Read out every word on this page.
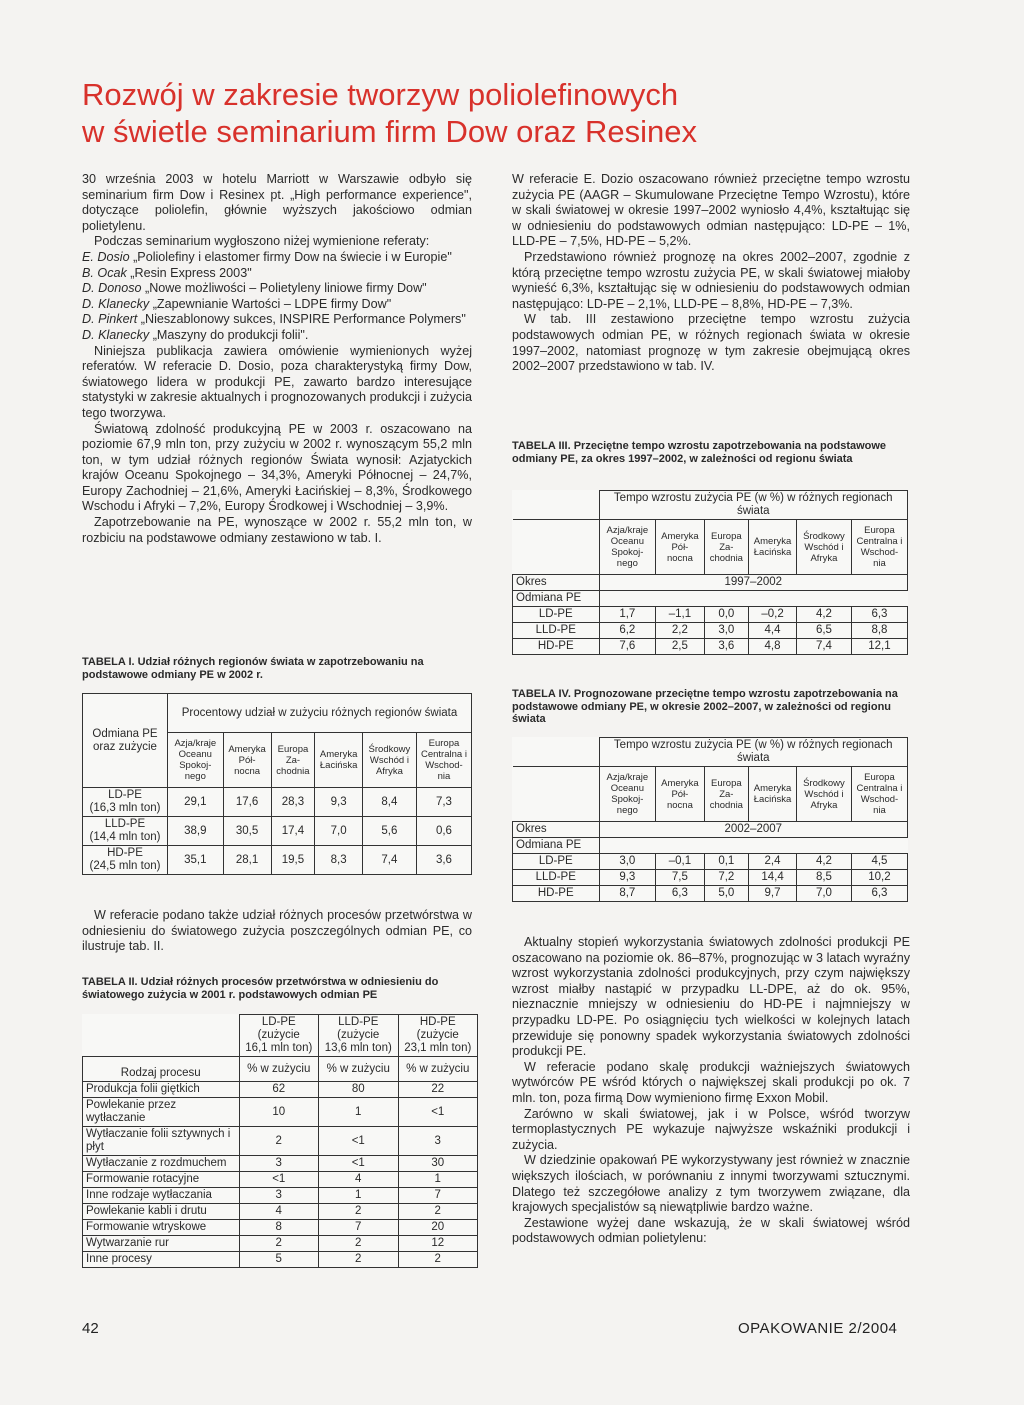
Rozwój w zakresie tworzyw poliolefinowych
w świetle seminarium firm Dow oraz Resinex

30 września 2003 w hotelu Marriott w Warszawie odbyło się seminarium firm Dow i Resinex pt. „High performance experience", dotyczące poliolefin, głównie wyższych jakościowo odmian polietylenu.

Podczas seminarium wygłoszono niżej wymienione referaty:

E. Dosio „Poliolefiny i elastomer firmy Dow na świecie i w Europie"
B. Ocak „Resin Express 2003"
D. Donoso „Nowe możliwości – Polietyleny liniowe firmy Dow"
D. Klanecky „Zapewnianie Wartości – LDPE firmy Dow"
D. Pinkert „Nieszablonowy sukces, INSPIRE Performance Polymers"
D. Klanecky „Maszyny do produkcji folii".

Niniejsza publikacja zawiera omówienie wymienionych wyżej referatów. W referacie D. Dosio, poza charakterystyką firmy Dow, światowego lidera w produkcji PE, zawarto bardzo interesujące statystyki w zakresie aktualnych i prognozowanych produkcji i zużycia tego tworzywa.

Światową zdolność produkcyjną PE w 2003 r. oszacowano na poziomie 67,9 mln ton, przy zużyciu w 2002 r. wynoszącym 55,2 mln ton, w tym udział różnych regionów Świata wynosił: Azjatyckich krajów Oceanu Spokojnego – 34,3%, Ameryki Północnej – 24,7%, Europy Zachodniej – 21,6%, Ameryki Łacińskiej – 8,3%, Środkowego Wschodu i Afryki – 7,2%, Europy Środkowej i Wschodniej – 3,9%.

Zapotrzebowanie na PE, wynoszące w 2002 r. 55,2 mln ton, w rozbiciu na podstawowe odmiany zestawiono w tab. I.

TABELA I. Udział różnych regionów świata w zapotrzebowaniu na podstawowe odmiany PE w 2002 r.
Odmiana PE oraz zużycie	Procentowy udział w zużyciu różnych regionów świata					
	Azja/kraje Oceanu Spokoj-nego	Ameryka Pół-nocna	Europa Za-chodnia	Ameryka Łacińska	Środkowy Wschód i Afryka	Europa Centralna i Wschod-nia
LD-PE
(16,3 mln ton)	29,1	17,6	28,3	9,3	8,4	7,3
LLD-PE
(14,4 mln ton)	38,9	30,5	17,4	7,0	5,6	0,6
HD-PE
(24,5 mln ton)	35,1	28,1	19,5	8,3	7,4	3,6

W referacie podano także udział różnych procesów przetwórstwa w odniesieniu do światowego zużycia poszczególnych odmian PE, co ilustruje tab. II.

TABELA II. Udział różnych procesów przetwórstwa w odniesieniu do światowego zużycia w 2001 r. podstawowych odmian PE
	LD-PE
(zużycie
16,1 mln ton)	LLD-PE
(zużycie
13,6 mln ton)	HD-PE
(zużycie
23,1 mln ton)
Rodzaj procesu	% w zużyciu	% w zużyciu	% w zużyciu
Produkcja folii giętkich	62	80	22
Powlekanie przez wytłaczanie	10	1	<1
Wytłaczanie folii sztywnych i płyt	2	<1	3
Wytłaczanie z rozdmuchem	3	<1	30
Formowanie rotacyjne	<1	4	1
Inne rodzaje wytłaczania	3	1	7
Powlekanie kabli i drutu	4	2	2
Formowanie wtryskowe	8	7	20
Wytwarzanie rur	2	2	12
Inne procesy	5	2	2

W referacie E. Dozio oszacowano również przeciętne tempo wzrostu zużycia PE (AAGR – Skumulowane Przeciętne Tempo Wzrostu), które w skali światowej w okresie 1997–2002 wyniosło 4,4%, kształtując się w odniesieniu do podstawowych odmian następująco: LD-PE – 1%, LLD-PE – 7,5%, HD-PE – 5,2%.

Przedstawiono również prognozę na okres 2002–2007, zgodnie z którą przeciętne tempo wzrostu zużycia PE, w skali światowej miałoby wynieść 6,3%, kształtując się w odniesieniu do podstawowych odmian następująco: LD-PE – 2,1%, LLD-PE – 8,8%, HD-PE – 7,3%.

W tab. III zestawiono przeciętne tempo wzrostu zużycia podstawowych odmian PE, w różnych regionach świata w okresie 1997–2002, natomiast prognozę w tym zakresie obejmującą okres 2002–2007 przedstawiono w tab. IV.

TABELA III. Przeciętne tempo wzrostu zapotrzebowania na podstawowe odmiany PE, za okres 1997–2002, w zależności od regionu świata
	Tempo wzrostu zużycia PE (w %) w różnych regionach świata					
	Azja/kraje Oceanu Spokoj-nego	Ameryka Pół-nocna	Europa Za-chodnia	Ameryka Łacińska	Środkowy Wschód i Afryka	Europa Centralna i Wschod-nia
Okres	1997–2002					
Odmiana PE						
LD-PE	1,7	–1,1	0,0	–0,2	4,2	6,3
LLD-PE	6,2	2,2	3,0	4,4	6,5	8,8
HD-PE	7,6	2,5	3,6	4,8	7,4	12,1
TABELA IV. Prognozowane przeciętne tempo wzrostu zapotrzebowania na podstawowe odmiany PE, w okresie 2002–2007, w zależności od regionu świata
	Tempo wzrostu zużycia PE (w %) w różnych regionach świata					
	Azja/kraje Oceanu Spokoj-nego	Ameryka Pół-nocna	Europa Za-chodnia	Ameryka Łacińska	Środkowy Wschód i Afryka	Europa Centralna i Wschod-nia
Okres	2002–2007					
Odmiana PE						
LD-PE	3,0	–0,1	0,1	2,4	4,2	4,5
LLD-PE	9,3	7,5	7,2	14,4	8,5	10,2
HD-PE	8,7	6,3	5,0	9,7	7,0	6,3

Aktualny stopień wykorzystania światowych zdolności produkcji PE oszacowano na poziomie ok. 86–87%, prognozując w 3 latach wyraźny wzrost wykorzystania zdolności produkcyjnych, przy czym największy wzrost miałby nastąpić w przypadku LL-DPE, aż do ok. 95%, nieznacznie mniejszy w odniesieniu do HD-PE i najmniejszy w przypadku LD-PE. Po osiągnięciu tych wielkości w kolejnych latach przewiduje się ponowny spadek wykorzystania światowych zdolności produkcji PE.

W referacie podano skalę produkcji ważniejszych światowych wytwórców PE wśród których o największej skali produkcji po ok. 7 mln. ton, poza firmą Dow wymieniono firmę Exxon Mobil.

Zarówno w skali światowej, jak i w Polsce, wśród tworzyw termoplastycznych PE wykazuje najwyższe wskaźniki produkcji i zużycia.

W dziedzinie opakowań PE wykorzystywany jest również w znacznie większych ilościach, w porównaniu z innymi tworzywami sztucznymi. Dlatego też szczegółowe analizy z tym tworzywem związane, dla krajowych specjalistów są niewątpliwie bardzo ważne.

Zestawione wyżej dane wskazują, że w skali światowej wśród podstawowych odmian polietylenu:

42	OPAKOWANIE 2/2004
